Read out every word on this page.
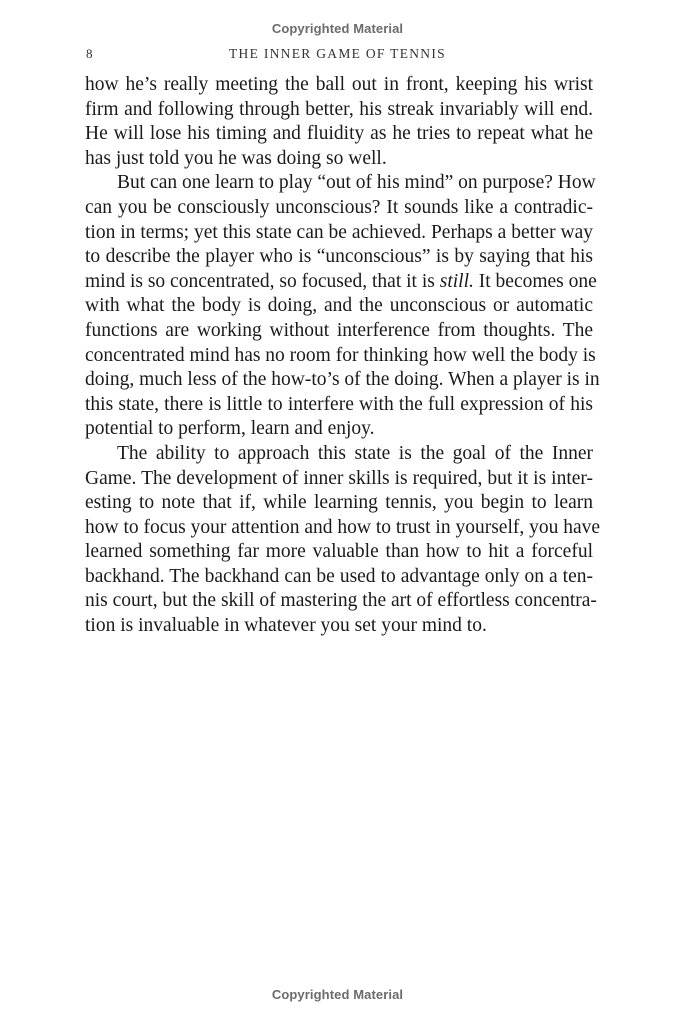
Copyrighted Material
8	THE INNER GAME OF TENNIS

how he’s really meeting the ball out in front, keeping his wrist
firm and following through better, his streak invariably will end.
He will lose his timing and fluidity as he tries to repeat what he
has just told you he was doing so well.

But can one learn to play “out of his mind” on purpose? How
can you be consciously unconscious? It sounds like a contradic-
tion in terms; yet this state can be achieved. Perhaps a better way
to describe the player who is “unconscious” is by saying that his
mind is so concentrated, so focused, that it is still. It becomes one
with what the body is doing, and the unconscious or automatic
functions are working without interference from thoughts. The
concentrated mind has no room for thinking how well the body is
doing, much less of the how-to’s of the doing. When a player is in
this state, there is little to interfere with the full expression of his
potential to perform, learn and enjoy.

The ability to approach this state is the goal of the Inner
Game. The development of inner skills is required, but it is inter-
esting to note that if, while learning tennis, you begin to learn
how to focus your attention and how to trust in yourself, you have
learned something far more valuable than how to hit a forceful
backhand. The backhand can be used to advantage only on a ten-
nis court, but the skill of mastering the art of effortless concentra-
tion is invaluable in whatever you set your mind to.

Copyrighted Material
